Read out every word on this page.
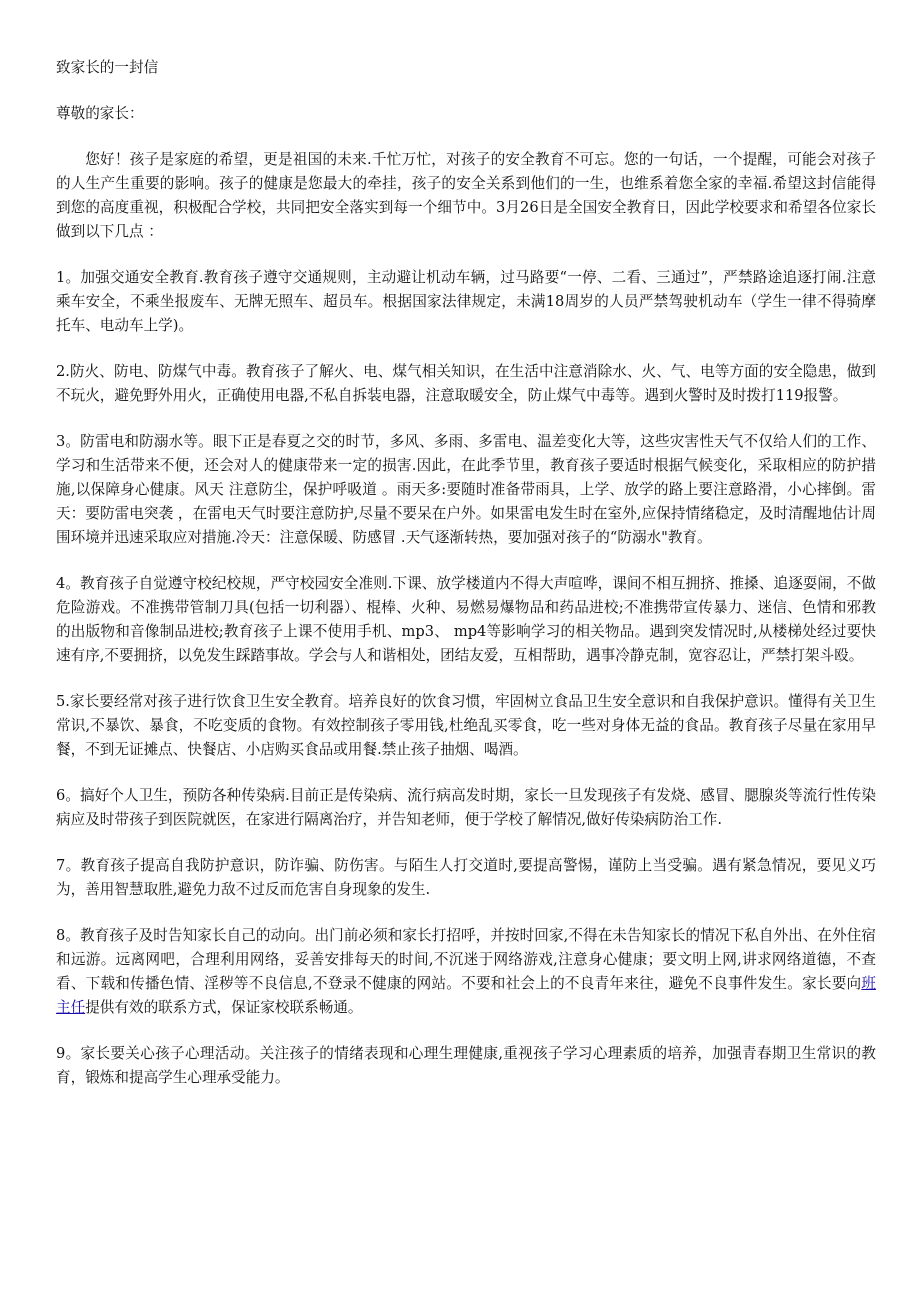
致家长的一封信
尊敬的家长：
您好！孩子是家庭的希望，更是祖国的未来.千忙万忙，对孩子的安全教育不可忘。您的一句话，一个提醒，可能会对孩子的人生产生重要的影响。孩子的健康是您最大的牵挂，孩子的安全关系到他们的一生，也维系着您全家的幸福.希望这封信能得到您的高度重视，积极配合学校，共同把安全落实到每一个细节中。3月26日是全国安全教育日，因此学校要求和希望各位家长做到以下几点 ：
1。加强交通安全教育.教育孩子遵守交通规则，主动避让机动车辆，过马路要“一停、二看、三通过”，严禁路途追逐打闹.注意乘车安全，不乘坐报废车、无牌无照车、超员车。根据国家法律规定，未满18周岁的人员严禁驾驶机动车（学生一律不得骑摩托车、电动车上学)。
2.防火、防电、防煤气中毒。教育孩子了解火、电、煤气相关知识，在生活中注意消除水、火、气、电等方面的安全隐患，做到不玩火，避免野外用火，正确使用电器,不私自拆装电器，注意取暖安全，防止煤气中毒等。遇到火警时及时拨打119报警。
3。防雷电和防溺水等。眼下正是春夏之交的时节，多风、多雨、多雷电、温差变化大等，这些灾害性天气不仅给人们的工作、学习和生活带来不便，还会对人的健康带来一定的损害.因此，在此季节里，教育孩子要适时根据气候变化，采取相应的防护措施,以保障身心健康。风天 注意防尘，保护呼吸道 。雨天多:要随时准备带雨具，上学、放学的路上要注意路滑，小心摔倒。雷天：要防雷电突袭 ，在雷电天气时要注意防护,尽量不要呆在户外。如果雷电发生时在室外,应保持情绪稳定，及时清醒地估计周围环境并迅速采取应对措施.冷天：注意保暖、防感冒 .天气逐渐转热，要加强对孩子的“防溺水"教育。
4。教育孩子自觉遵守校纪校规，严守校园安全准则.下课、放学楼道内不得大声喧哗，课间不相互拥挤、推搡、追逐耍闹，不做危险游戏。不准携带管制刀具(包括一切利器）、棍棒、火种、易燃易爆物品和药品进校;不准携带宣传暴力、迷信、色情和邪教的出版物和音像制品进校;教育孩子上课不使用手机、mp3、 mp4等影响学习的相关物品。遇到突发情况时,从楼梯处经过要快速有序,不要拥挤，以免发生踩踏事故。学会与人和谐相处，团结友爱，互相帮助，遇事冷静克制，宽容忍让，严禁打架斗殴。
5.家长要经常对孩子进行饮食卫生安全教育。培养良好的饮食习惯，牢固树立食品卫生安全意识和自我保护意识。懂得有关卫生常识,不暴饮、暴食，不吃变质的食物。有效控制孩子零用钱,杜绝乱买零食，吃一些对身体无益的食品。教育孩子尽量在家用早餐，不到无证摊点、快餐店、小店购买食品或用餐.禁止孩子抽烟、喝酒。
6。搞好个人卫生，预防各种传染病.目前正是传染病、流行病高发时期，家长一旦发现孩子有发烧、感冒、腮腺炎等流行性传染病应及时带孩子到医院就医，在家进行隔离治疗，并告知老师，便于学校了解情况,做好传染病防治工作.
7。教育孩子提高自我防护意识，防诈骗、防伤害。与陌生人打交道时,要提高警惕，谨防上当受骗。遇有紧急情况，要见义巧为，善用智慧取胜,避免力敌不过反而危害自身现象的发生.
8。教育孩子及时告知家长自己的动向。出门前必须和家长打招呼，并按时回家,不得在未告知家长的情况下私自外出、在外住宿和远游。远离网吧，合理利用网络，妥善安排每天的时间,不沉迷于网络游戏,注意身心健康；要文明上网,讲求网络道德，不查看、下载和传播色情、淫秽等不良信息,不登录不健康的网站。不要和社会上的不良青年来往，避免不良事件发生。家长要向班主任提供有效的联系方式，保证家校联系畅通。
9。家长要关心孩子心理活动。关注孩子的情绪表现和心理生理健康,重视孩子学习心理素质的培养，加强青春期卫生常识的教育，锻炼和提高学生心理承受能力。
